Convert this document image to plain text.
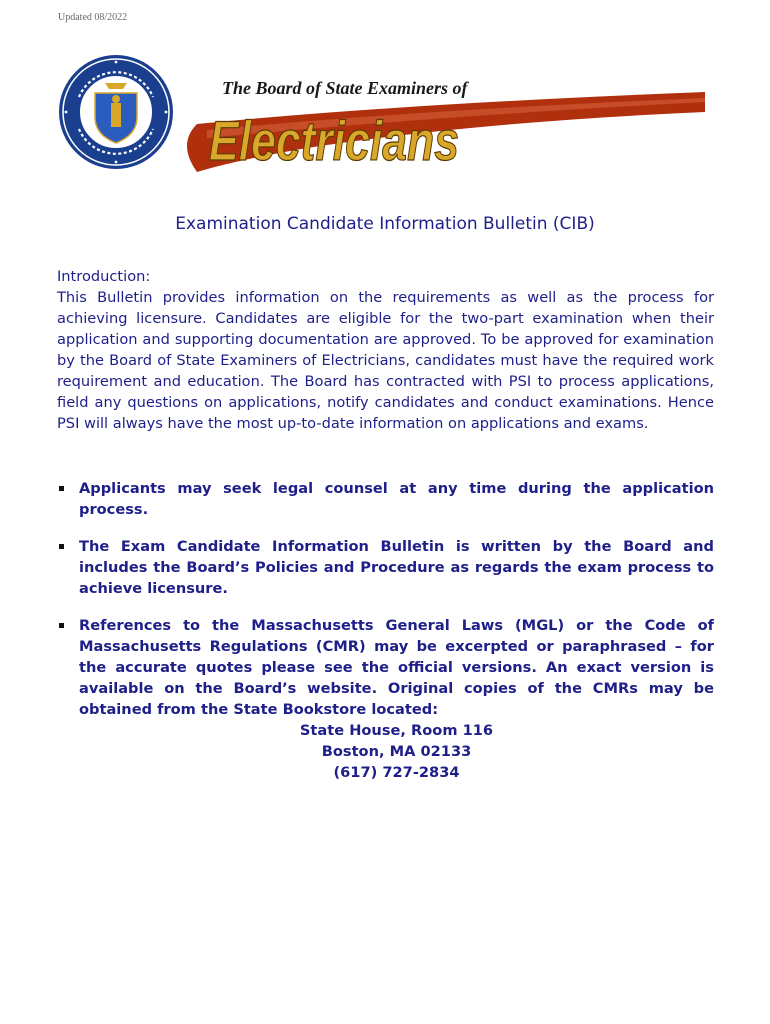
Updated 08/2022
The Board of State Examiners of
Electricians
Examination Candidate Information Bulletin (CIB)
Introduction:
This Bulletin provides information on the requirements as well as the process for achieving licensure. Candidates are eligible for the two-part examination when their application and supporting documentation are approved. To be approved for examination by the Board of State Examiners of Electricians, candidates must have the required work requirement and education. The Board has contracted with PSI to process applications, field any questions on applications, notify candidates and conduct examinations. Hence PSI will always have the most up-to-date information on applications and exams.
Applicants may seek legal counsel at any time during the application process.
The Exam Candidate Information Bulletin is written by the Board and includes the Board’s Policies and Procedure as regards the exam process to achieve licensure.
References to the Massachusetts General Laws (MGL) or the Code of Massachusetts Regulations (CMR) may be excerpted or paraphrased – for the accurate quotes please see the official versions. An exact version is available on the Board’s website. Original copies of the CMRs may be obtained from the State Bookstore located:
State House, Room 116
Boston, MA 02133
(617) 727-2834
